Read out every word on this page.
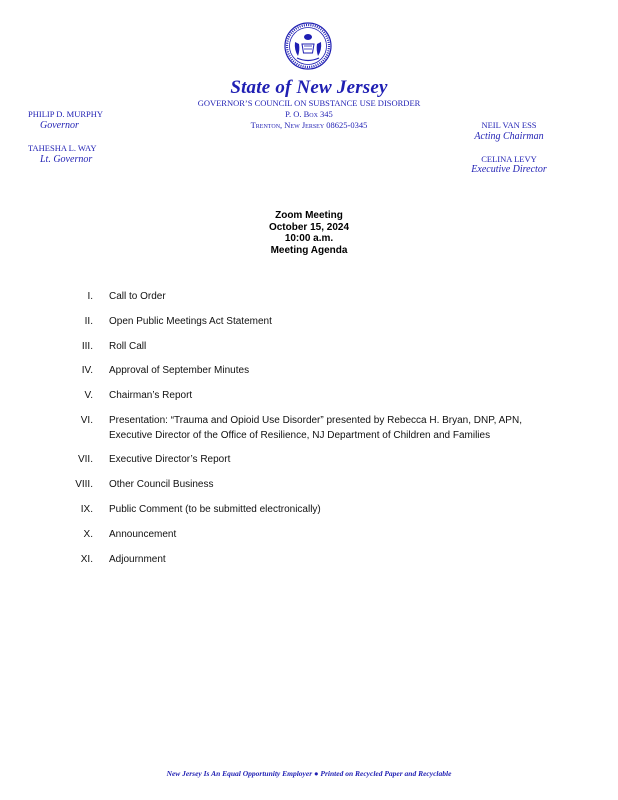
State of New Jersey
GOVERNOR’S COUNCIL ON SUBSTANCE USE DISORDER
P. O. Box 345
Trenton, New Jersey 08625-0345
PHILIP D. MURPHY
Governor
TAHESHA L. WAY
Lt. Governor
NEIL VAN ESS
Acting Chairman
CELINA LEVY
Executive Director
Zoom Meeting
October 15, 2024
10:00 a.m.
Meeting Agenda
I. Call to Order
II. Open Public Meetings Act Statement
III. Roll Call
IV. Approval of September Minutes
V. Chairman’s Report
VI. Presentation: “Trauma and Opioid Use Disorder” presented by Rebecca H. Bryan, DNP, APN,
Executive Director of the Office of Resilience, NJ Department of Children and Families
VII. Executive Director’s Report
VIII. Other Council Business
IX. Public Comment (to be submitted electronically)
X. Announcement
XI. Adjournment
New Jersey Is An Equal Opportunity Employer ● Printed on Recycled Paper and Recyclable
